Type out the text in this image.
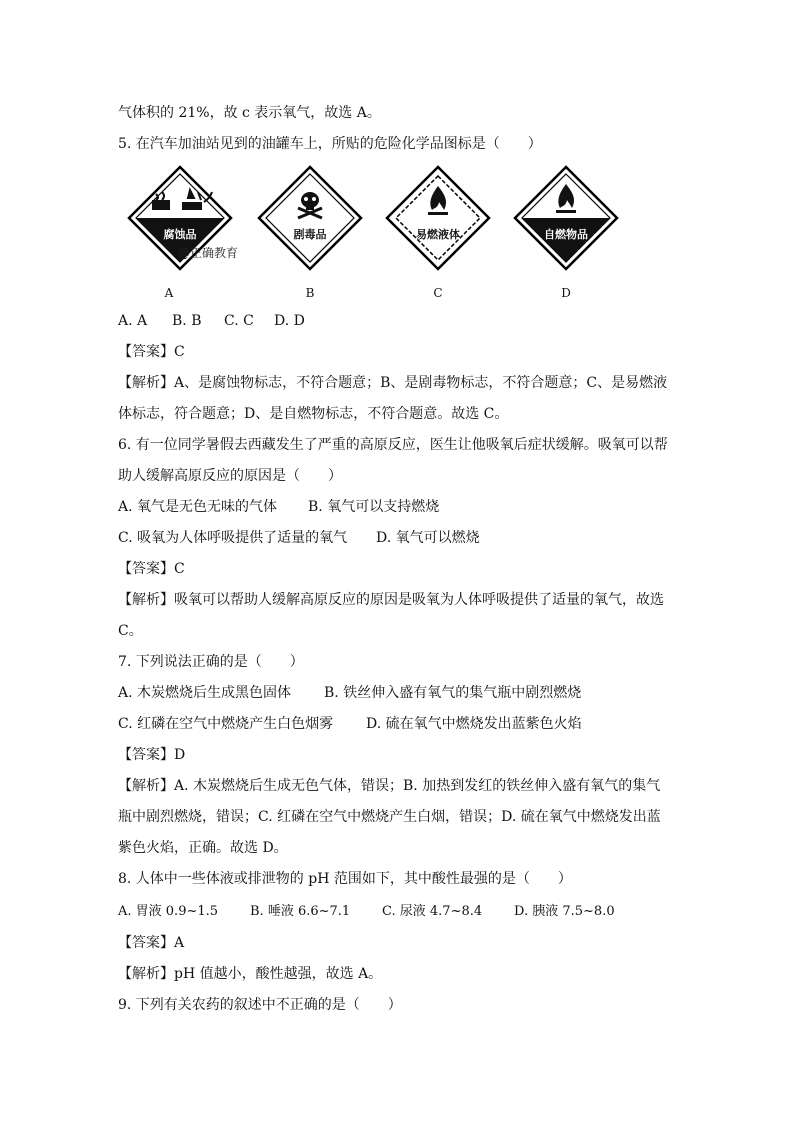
气体积的 21%，故 c 表示氧气，故选 A。
5. 在汽车加油站见到的油罐车上，所贴的危险化学品图标是（　　）
腐蚀品
@正确教育
A
剧毒品
B
易燃液体
C
自燃物品
D
A. A B. B C. C D. D
【答案】C
【解析】A、是腐蚀物标志，不符合题意；B、是剧毒物标志，不符合题意；C、是易燃液
体标志，符合题意；D、是自燃物标志，不符合题意。故选 C。
6. 有一位同学暑假去西藏发生了严重的高原反应，医生让他吸氧后症状缓解。吸氧可以帮
助人缓解高原反应的原因是（　　）
A. 氧气是无色无味的气体 B. 氧气可以支持燃烧
C. 吸氧为人体呼吸提供了适量的氧气 D. 氧气可以燃烧
【答案】C
【解析】吸氧可以帮助人缓解高原反应的原因是吸氧为人体呼吸提供了适量的氧气，故选
C。
7. 下列说法正确的是（　　）
A. 木炭燃烧后生成黑色固体 B. 铁丝伸入盛有氧气的集气瓶中剧烈燃烧
C. 红磷在空气中燃烧产生白色烟雾 D. 硫在氧气中燃烧发出蓝紫色火焰
【答案】D
【解析】A. 木炭燃烧后生成无色气体，错误；B. 加热到发红的铁丝伸入盛有氧气的集气
瓶中剧烈燃烧，错误；C. 红磷在空气中燃烧产生白烟，错误；D. 硫在氧气中燃烧发出蓝
紫色火焰，正确。故选 D。
8. 人体中一些体液或排泄物的 pH 范围如下，其中酸性最强的是（　　）
A. 胃液 0.9~1.5 B. 唾液 6.6~7.1 C. 尿液 4.7~8.4 D. 胰液 7.5~8.0
【答案】A
【解析】pH 值越小，酸性越强，故选 A。
9. 下列有关农药的叙述中不正确的是（　　）
